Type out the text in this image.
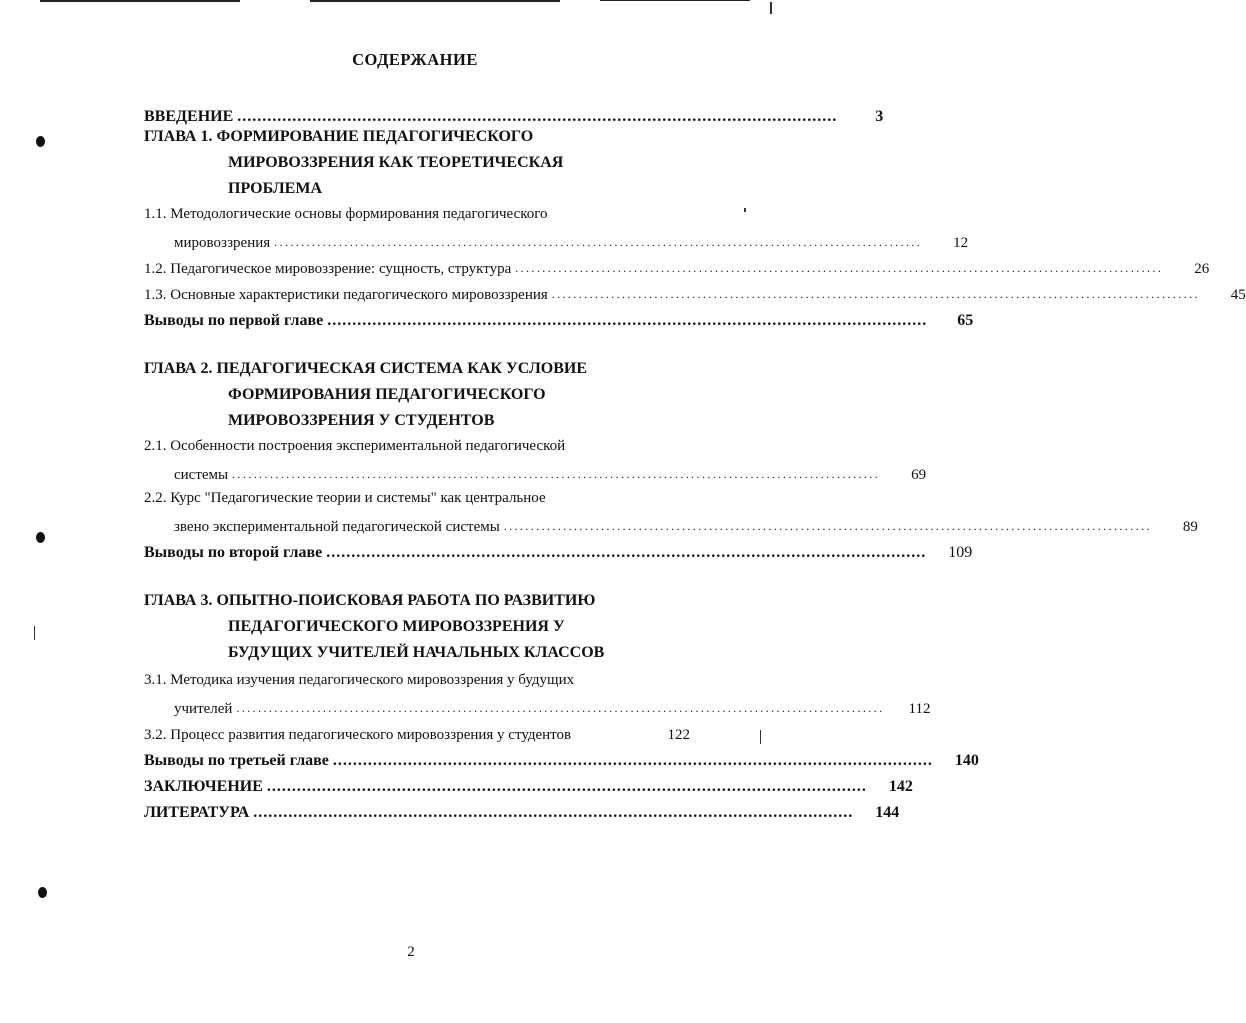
СОДЕРЖАНИЕ
ВВЕДЕНИЕ ........................................................................................................................	3
ГЛАВА 1. ФОРМИРОВАНИЕ ПЕДАГОГИЧЕСКОГО
МИРОВОЗЗРЕНИЯ КАК ТЕОРЕТИЧЕСКАЯ
ПРОБЛЕМА
1.1. Методологические основы формирования педагогического
мировоззрения ........................................................................................................................	12
1.2. Педагогическое мировоззрение: сущность, структура ........................................................................................................................	26
1.3. Основные характеристики педагогического мировоззрения ........................................................................................................................	45
Выводы по первой главе ........................................................................................................................	65
ГЛАВА 2. ПЕДАГОГИЧЕСКАЯ СИСТЕМА КАК УСЛОВИЕ
ФОРМИРОВАНИЯ ПЕДАГОГИЧЕСКОГО
МИРОВОЗЗРЕНИЯ У СТУДЕНТОВ
2.1. Особенности построения экспериментальной педагогической
системы ........................................................................................................................	69
2.2. Курс "Педагогические теории и системы" как центральное
звено экспериментальной педагогической системы ........................................................................................................................	89
Выводы по второй главе ........................................................................................................................	109
ГЛАВА 3. ОПЫТНО-ПОИСКОВАЯ РАБОТА ПО РАЗВИТИЮ
ПЕДАГОГИЧЕСКОГО МИРОВОЗЗРЕНИЯ У
БУДУЩИХ УЧИТЕЛЕЙ НАЧАЛЬНЫХ КЛАССОВ
3.1. Методика изучения педагогического мировоззрения у будущих
учителей ........................................................................................................................	112
3.2. Процесс развития педагогического мировоззрения у студентов	122
Выводы по третьей главе ........................................................................................................................	140
ЗАКЛЮЧЕНИЕ ........................................................................................................................	142
ЛИТЕРАТУРА ........................................................................................................................	144
2
